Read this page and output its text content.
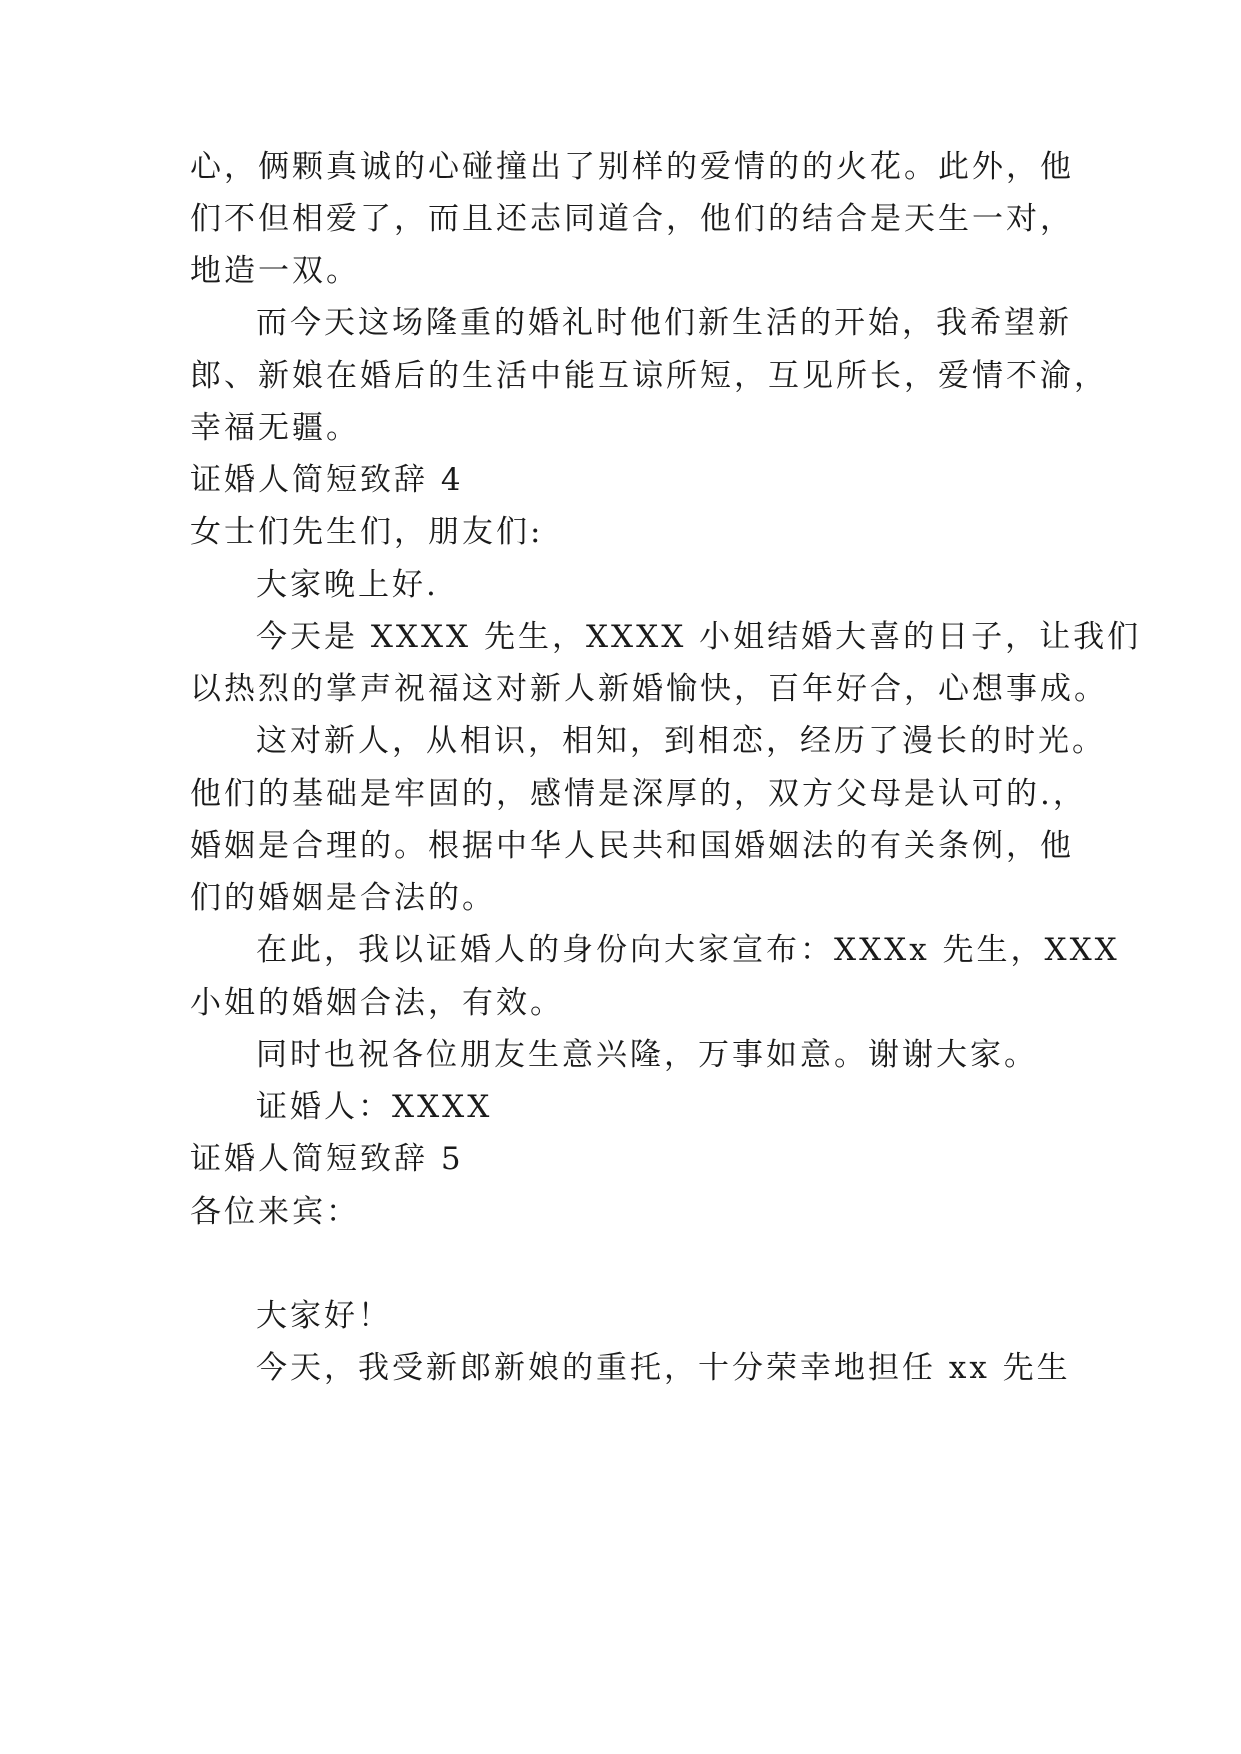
心，俩颗真诚的心碰撞出了别样的爱情的的火花。此外，他
们不但相爱了，而且还志同道合，他们的结合是天生一对，
地造一双。
而今天这场隆重的婚礼时他们新生活的开始，我希望新
郎、新娘在婚后的生活中能互谅所短，互见所长，爱情不渝，
幸福无疆。
证婚人简短致辞 4
女士们先生们，朋友们:
大家晚上好.
今天是 XXXX 先生，XXXX 小姐结婚大喜的日子，让我们
以热烈的掌声祝福这对新人新婚愉快，百年好合，心想事成。
这对新人，从相识，相知，到相恋，经历了漫长的时光。
他们的基础是牢固的，感情是深厚的，双方父母是认可的.，
婚姻是合理的。根据中华人民共和国婚姻法的有关条例，他
们的婚姻是合法的。
在此，我以证婚人的身份向大家宣布：XXXx 先生，XXX
小姐的婚姻合法，有效。
同时也祝各位朋友生意兴隆，万事如意。谢谢大家。
证婚人：XXXX
证婚人简短致辞 5
各位来宾：
大家好！
今天，我受新郎新娘的重托，十分荣幸地担任 xx 先生
